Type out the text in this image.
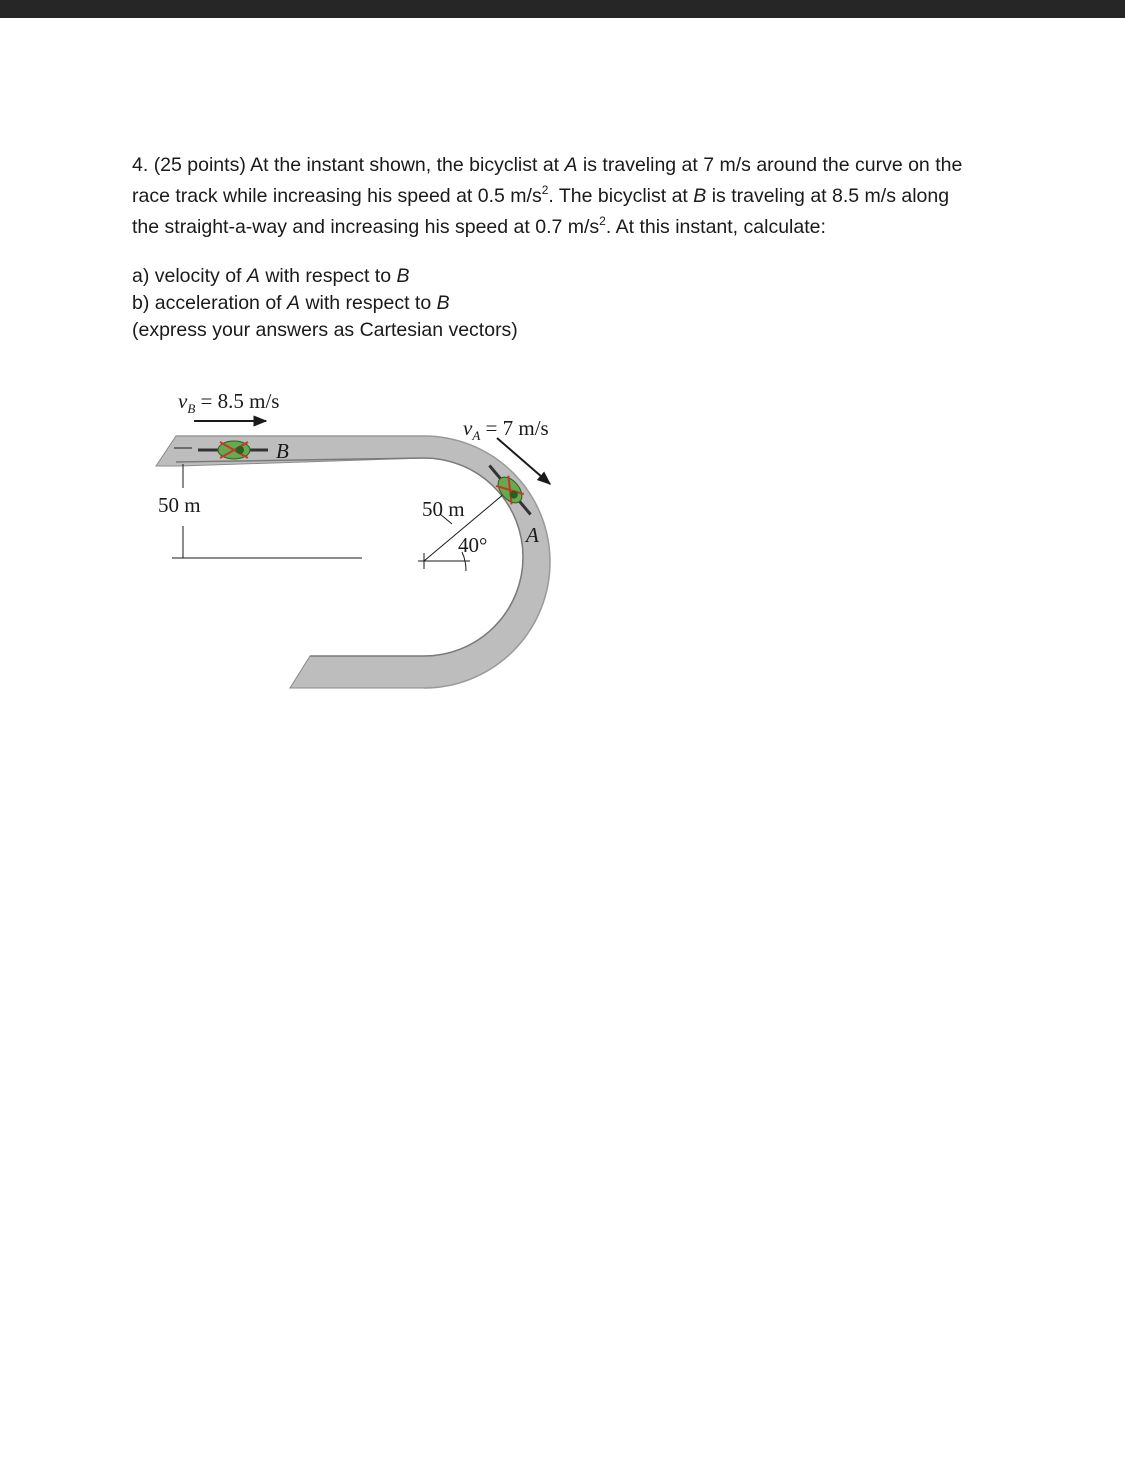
4. (25 points) At the instant shown, the bicyclist at A is traveling at 7 m/s around the curve on the
race track while increasing his speed at 0.5 $m/s^2$. The bicyclist at B is traveling at 8.5 m/s along
the straight-a-way and increasing his speed at 0.7 $m/s^2$. At this instant, calculate:
a) velocity of A with respect to B
b) acceleration of A with respect to B
(express your answers as Cartesian vectors)
$v_B = 8.5$ m/s
$v_A = 7$ m/s
B
A
50 m	50 m
40°
